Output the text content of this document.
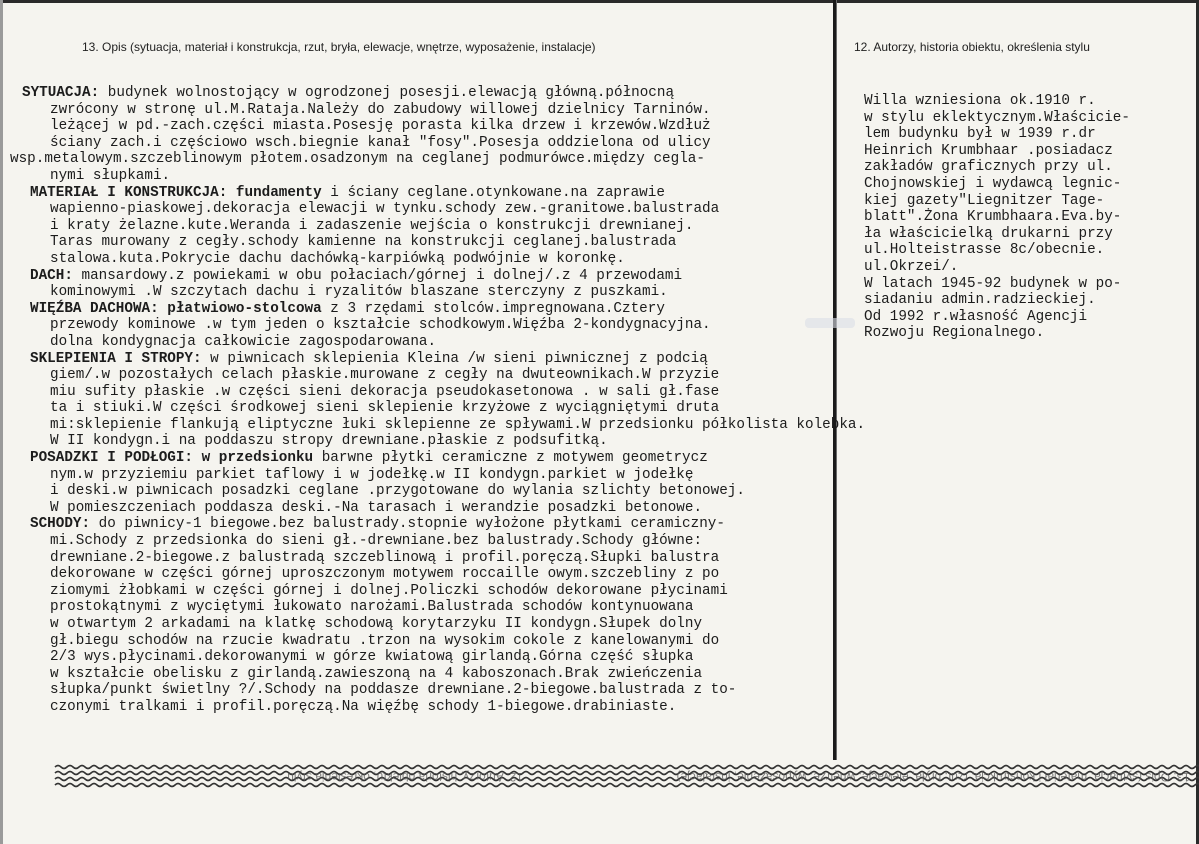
13. Opis (sytuacja, materiał i konstrukcja, rzut, bryła, elewacje, wnętrze, wyposażenie, instalacje)	12. Autorzy, historia obiektu, określenia stylu
SYTUACJA: budynek wolnostojący w ogrodzonej posesji.elewacją główną.północną
zwrócony w stronę ul.M.Rataja.Należy do zabudowy willowej dzielnicy Tarninów.
leżącej w pd.-zach.części miasta.Posesję porasta kilka drzew i krzewów.Wzdłuż
ściany zach.i częściowo wsch.biegnie kanał "fosy".Posesja oddzielona od ulicy
wsp.metalowym.szczeblinowym płotem.osadzonym na ceglanej podmurówce.między cegla-
nymi słupkami.
MATERIAŁ I KONSTRUKCJA: fundamenty i ściany ceglane.otynkowane.na zaprawie
wapienno-piaskowej.dekoracja elewacji w tynku.schody zew.-granitowe.balustrada
i kraty żelazne.kute.Weranda i zadaszenie wejścia o konstrukcji drewnianej.
Taras murowany z cegły.schody kamienne na konstrukcji ceglanej.balustrada
stalowa.kuta.Pokrycie dachu dachówką-karpiówką podwójnie w koronkę.
DACH: mansardowy.z powiekami w obu połaciach/górnej i dolnej/.z 4 przewodami
kominowymi .W szczytach dachu i ryzalitów blaszane sterczyny z puszkami.
WIĘŹBA DACHOWA: płatwiowo-stolcowa z 3 rzędami stolców.impregnowana.Cztery
przewody kominowe .w tym jeden o kształcie schodkowym.Więźba 2-kondygnacyjna.
dolna kondygnacja całkowicie zagospodarowana.
SKLEPIENIA I STROPY: w piwnicach sklepienia Kleina /w sieni piwnicznej z podcią
giem/.w pozostałych celach płaskie.murowane z cegły na dwuteownikach.W przyzie
miu sufity płaskie .w części sieni dekoracja pseudokasetonowa . w sali gł.fase
ta i stiuki.W części środkowej sieni sklepienie krzyżowe z wyciągniętymi druta
mi:sklepienie flankują eliptyczne łuki sklepienne ze spływami.W przedsionku półkolista kolebka.
W II kondygn.i na poddaszu stropy drewniane.płaskie z podsufitką.
POSADZKI I PODŁOGI: w przedsionku barwne płytki ceramiczne z motywem geometrycz
nym.w przyziemiu parkiet taflowy i w jodełkę.w II kondygn.parkiet w jodełkę
i deski.w piwnicach posadzki ceglane .przygotowane do wylania szlichty betonowej.
W pomieszczeniach poddasza deski.-Na tarasach i werandzie posadzki betonowe.
SCHODY: do piwnicy-1 biegowe.bez balustrady.stopnie wyłożone płytkami ceramiczny-
mi.Schody z przedsionka do sieni gł.-drewniane.bez balustrady.Schody główne:
drewniane.2-biegowe.z balustradą szczeblinową i profil.poręczą.Słupki balustra
dekorowane w części górnej uproszczonym motywem roccaille owym.szczebliny z po
ziomymi żłobkami w części górnej i dolnej.Policzki schodów dekorowane płycinami
prostokątnymi z wyciętymi łukowato narożami.Balustrada schodów kontynuowana
w otwartym 2 arkadami na klatkę schodową korytarzyku II kondygn.Słupek dolny
gł.biegu schodów na rzucie kwadratu .trzon na wysokim cokole z kanelowanymi do
2/3 wys.płycinami.dekorowanymi w górze kwiatową girlandą.Górna część słupka
w kształcie obelisku z girlandą.zawieszoną na 4 kaboszonach.Brak zwieńczenia
słupka/punkt świetlny ?/.Schody na poddasze drewniane.2-biegowe.balustrada z to-
czonymi tralkami i profil.poręczą.Na więźbę schody 1-biegowe.drabiniaste.
Willa wzniesiona ok.1910 r.
w stylu eklektycznym.Właściciе-
lem budynku był w 1939 r.dr
Heinrich Krumbhaar .posiadacz
zakładów graficznych przy ul.
Chojnowskiej i wydawcą legnic-
kiej gazety"Liegnitzer Tage-
blatt".Żona Krumbhaara.Eva.by-
ła właścicielką drukarni przy
ul.Holteistrasse 8c/obecnie.
ul.Okrzei/.
W latach 1945-92 budynek w po-
siadaniu admin.radzieckiej.
Od 1992 r.własność Agencji
Rozwoju Regionalnego.
13. Opis (sytuacja, materiał i konstrukcja, rzut, bryła, elewacje, wnętrze, wyposażenie, instalacje) 12. Autorzy, historia obiektu, określenia stylu
